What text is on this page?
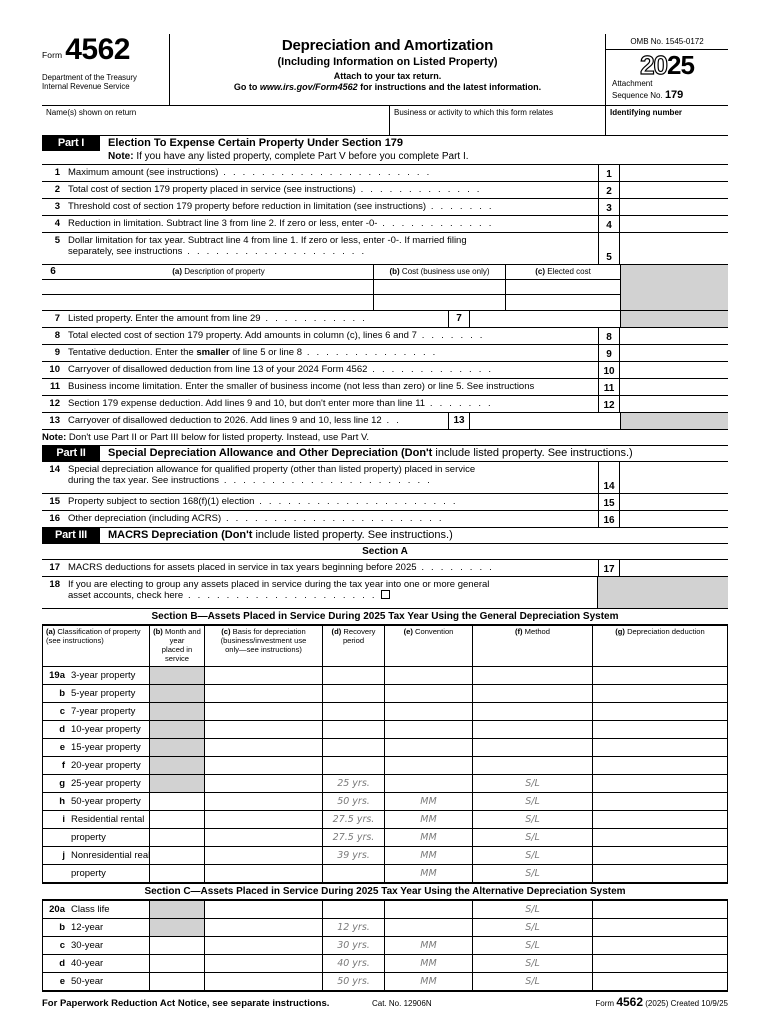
Form 4562
Department of the Treasury
Internal Revenue Service
Depreciation and Amortization
(Including Information on Listed Property)
Attach to your tax return.
Go to www.irs.gov/Form4562 for instructions and the latest information.
OMB No. 1545-0172
2025
Attachment
Sequence No. 179
Name(s) shown on return	Business or activity to which this form relates	Identifying number
Part I	Election To Expense Certain Property Under Section 179
Note: If you have any listed property, complete Part V before you complete Part I.
1 Maximum amount (see instructions) . . . . . . . . . . . . . . . . . . . . . .	1
2 Total cost of section 179 property placed in service (see instructions) . . . . . . . . . . . . .	2
3 Threshold cost of section 179 property before reduction in limitation (see instructions) . . . . . . .	3
4 Reduction in limitation. Subtract line 3 from line 2. If zero or less, enter -0- . . . . . . . . . . . .	4
5 Dollar limitation for tax year. Subtract line 4 from line 1. If zero or less, enter -0-. If married filing
separately, see instructions . . . . . . . . . . . . . . . . . . .
5
6	(a) Description of property	(b) Cost (business use only)	(c) Elected cost
7 Listed property. Enter the amount from line 29 . . . . . . . . . . .	7
8 Total elected cost of section 179 property. Add amounts in column (c), lines 6 and 7 . . . . . . .	8
9 Tentative deduction. Enter the smaller of line 5 or line 8 . . . . . . . . . . . . . .	9
10 Carryover of disallowed deduction from line 13 of your 2024 Form 4562 . . . . . . . . . . . . .	10
11 Business income limitation. Enter the smaller of business income (not less than zero) or line 5. See instructions	11
12 Section 179 expense deduction. Add lines 9 and 10, but don't enter more than line 11 . . . . . . .	12
13 Carryover of disallowed deduction to 2026. Add lines 9 and 10, less line 12 . .	13
Note: Don't use Part II or Part III below for listed property. Instead, use Part V.
Part II	Special Depreciation Allowance and Other Depreciation (Don't include listed property. See instructions.)
14 Special depreciation allowance for qualified property (other than listed property) placed in service
during the tax year. See instructions . . . . . . . . . . . . . . . . . . . . . .
14
15 Property subject to section 168(f)(1) election . . . . . . . . . . . . . . . . . . . . .	15
16 Other depreciation (including ACRS) . . . . . . . . . . . . . . . . . . . . . . .	16
Part III	MACRS Depreciation (Don't include listed property. See instructions.)
Section A
17 MACRS deductions for assets placed in service in tax years beginning before 2025 . . . . . . . .	17
18 If you are electing to group any assets placed in service during the tax year into one or more general
asset accounts, check here . . . . . . . . . . . . . . . . . . . .
Section B—Assets Placed in Service During 2025 Tax Year Using the General Depreciation System
(a) Classification of property
(see instructions)	(b) Month and year
placed in
service	(c) Basis for depreciation
(business/investment use
only—see instructions)	(d) Recovery
period	(e) Convention	(f) Method	(g) Depreciation deduction
19a 3-year property						
b 5-year property						
c 7-year property						
d 10-year property						
e 15-year property						
f 20-year property						
g 25-year property			25 yrs.		S/L	
h 50-year property			50 yrs.	MM	S/L	
i Residential rental			27.5 yrs.	MM	S/L	
property			27.5 yrs.	MM	S/L	
j Nonresidential real			39 yrs.	MM	S/L	
property				MM	S/L	
Section C—Assets Placed in Service During 2025 Tax Year Using the Alternative Depreciation System
20a Class life					S/L	
b 12-year			12 yrs.		S/L	
c 30-year			30 yrs.	MM	S/L	
d 40-year			40 yrs.	MM	S/L	
e 50-year			50 yrs.	MM	S/L	
For Paperwork Reduction Act Notice, see separate instructions.	Cat. No. 12906N	Form 4562 (2025) Created 10/9/25
